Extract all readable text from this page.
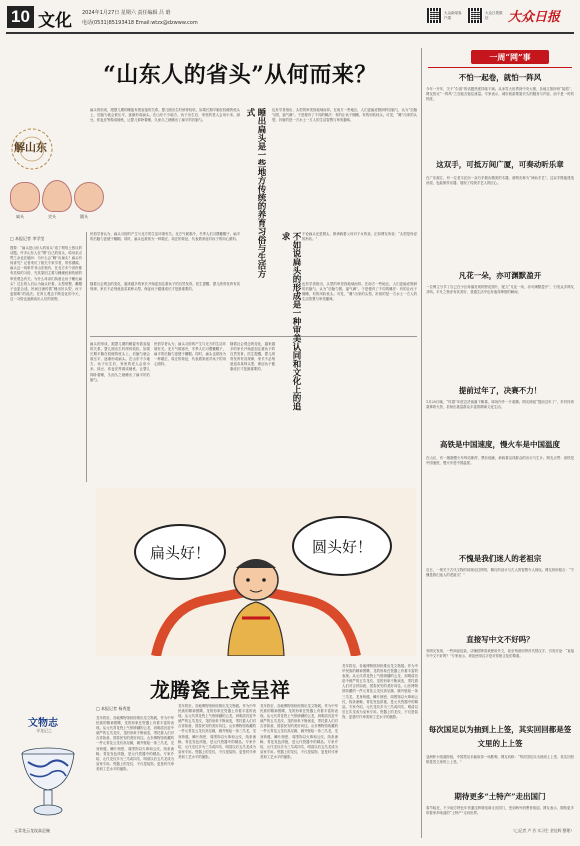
10 文化 2024年1月27日 星期六 责任编辑 吕 晗
电话(0531)85193418 Email:wtzx@dzwww.com
大众新闻客户端
大众日报微信	大众日报
“山东人的省头”从何而来？
一周“网”事
不怕一起卷，就怕一阵风
今年一开年，关于“尔滨”的话题热度持续不减。从冰雪大世界到中央大街，各地文旅纷纷“接招”，网友热议“一阵风”之后能否留住流量。专家表示，城市旅游要靠长久的服务与内容，而不是一时的热度。
这双手，可抵万间广厦，可奏动听乐章
在广东湛江，有一位老木匠用一双巧手做出精美的木器，被网友称为“神仙手艺”。这双手既能建造房屋，也能制作乐器，展现了传统手艺人的匠心。
凡花一朵，亦可渊默盈开
一位博主分享了自己在小区角落发现的野花照片，配文“凡花一朵，亦可渊默盈开”，引发众多网友共鸣。平凡之物亦有其美好，普通生活中也有值得珍惜的瞬间。
提前过年了，决赛不力！
1月20日晚，“村超”年度总决赛落下帷幕，球场内外一片欢腾。网友调侃“提前过年了”，乡村体育赛事的火热，折射出基层群众丰富的精神文化生活。
高铁是中国速度，慢火车是中国温度
在山区，有一趟趟慢火车每站都停，票价低廉，承载着沿线群众的出行与生计。网友点赞：高铁是中国速度，慢火车是中国温度。
不愧是我们迷人的老祖宗
近日，一则关于古代文物的视频走红网络，精巧的设计与古人的智慧令人惊叹。网友纷纷留言：“不愧是我们迷人的老祖宗！”
直接写中文不好吗？
有网友发现，一些商品包装、店铺招牌喜欢使用外文，甚至刻意用拼音代替汉字，引发讨论：“直接写中文不好吗？”专家表示，规范使用汉字是对传统文化的尊重。
每次国足以为抽到上上签，其实回回都是签文里的上上签
亚洲杯小组赛阶段，中国男足未能取得一场胜利。网友戏称：“每次国足以为抽到上上签，其实回回都是签文里的上上签。”
期待更多“土特产”走出国门
春节临近，不少地方特色年货通过跨境电商走出国门，受到海外消费者欢迎。网友表示，期待更多带着家乡味道的“土特产”走向世界。
（□记者 卢 芳 实习生 金佳辉 整理）
解山东
扁头	尖头	圆头
□ 本报记者 李学莹
提要：“扁头是山东人的省头”成了网络上热议的话题。许多山东人在“晒”自己的省头，给母亲点赞之余也在疑问：为什么会“睡”出扁头？扁头有何讲究？记者采访了相关专家学者，带你溯源。扁头这一现象并非山东独有，在北方多个省份都有类似的习俗，究其原因主要与睡硬枕和传统的审美观念有关。为什么母亲们执意让孩子睡出扁头？过去的人们认为扁头好看，头型规整，戴帽子也更合适。民间还流传着“睡出好头型，孩子更聪明”的说法。在育儿观念不断变化的今天，这一习俗也逐渐淡出人们的视野。
扁头的形成，跟婴儿期的睡姿有着直接的关系。婴儿刚出生时颅骨较软，如果长期平躺在较硬的枕头上，后脑勺就会被压平，逐渐形成扁头。在山东不少地方，孩子出生后，家里的老人会用小米、绿豆、荞麦皮等做成硬枕，让婴儿仰卧着睡，久而久之就睡出了扁平的后脑勺。
民俗学者认为，扁头习俗的产生与北方的生活环境有关。北方气候寒冷，冬季人们习惯戴帽子，扁平的后脑勺更便于戴帽。同时，扁头也被视为一种端正、周正的象征，代表着家庭对孩子的用心照料。	睡出扁头是一些地方传统的养育习俗与生活方式
随着社会观念的变化，越来越多的家长开始更加注重孩子的自然发育。医生提醒，婴儿颅骨发育有其规律，家长不必刻意追求某种头型，保证孩子健康成长才是最重要的。
也有学者指出，头型的审美因地域而异。在南方一些地区，人们更偏爱圆润的后脑勺，认为“后脑勺圆，福气满”。于是便有了不同的睡法：有的让孩子侧睡，有的用软枕头。可见，“睡”出来的头型，折射的是一方水土一方人的生活智慧与审美趣味。
扁头的形成，跟婴儿期的睡姿有着直接的关系。婴儿刚出生时颅骨较软，如果长期平躺在较硬的枕头上，后脑勺就会被压平，逐渐形成扁头。在山东不少地方，孩子出生后，家里的老人会用小米、绿豆、荞麦皮等做成硬枕，让婴儿仰卧着睡，久而久之就睡出了扁平的后脑勺。
民俗学者认为，扁头习俗的产生与北方的生活环境有关。北方气候寒冷，冬季人们习惯戴帽子，扁平的后脑勺更便于戴帽。同时，扁头也被视为一种端正、周正的象征，代表着家庭对孩子的用心照料。
随着社会观念的变化，越来越多的家长开始更加注重孩子的自然发育。医生提醒，婴儿颅骨发育有其规律，家长不必刻意追求某种头型，保证孩子健康成长才是最重要的。	不如说扁头的形成是一种审美认同和文化上的追求
也有学者指出，头型的审美因地域而异。在南方一些地区，人们更偏爱圆润的后脑勺，认为“后脑勺圆，福气满”。于是便有了不同的睡法：有的让孩子侧睡，有的用软枕头。可见，“睡”出来的头型，折射的是一方水土一方人的生活智慧与审美趣味。
不论扁头还是圆头，都承载着父母对子女的爱。正如网友所说：“头型是母爱的形状。”
扁头好！	圆头好！
龙腾瓷上竞呈祥
文物志
寻龙记之
元青花云龙纹高足碗
□ 本报记者 杨秀莲
龙年将至，各地博物馆纷纷推出龙文物展。作为中华民族的精神图腾，龙的形象在瓷器上有着丰富的表现。从元代青花瓷上气势磅礴的云龙，到明清官窑中威严的五爪龙纹，龙的形象不断演变，寄托着人们对吉祥如意、国泰民安的美好向往。山东博物馆收藏的一件元青花云龙纹高足碗，碗外壁绘一条三爪龙，龙身矫健，鳞片细密，周围饰以火珠和云纹，线条流畅，青花发色浓艳，是元代瓷器中的精品。专家介绍，元代龙纹多为三爪或四爪，明清以后五爪龙成为皇家专用。瓷器上的龙纹，不仅是装饰，更是时代审美和工艺水平的缩影。
龙年将至，各地博物馆纷纷推出龙文物展。作为中华民族的精神图腾，龙的形象在瓷器上有着丰富的表现。从元代青花瓷上气势磅礴的云龙，到明清官窑中威严的五爪龙纹，龙的形象不断演变，寄托着人们对吉祥如意、国泰民安的美好向往。山东博物馆收藏的一件元青花云龙纹高足碗，碗外壁绘一条三爪龙，龙身矫健，鳞片细密，周围饰以火珠和云纹，线条流畅，青花发色浓艳，是元代瓷器中的精品。专家介绍，元代龙纹多为三爪或四爪，明清以后五爪龙成为皇家专用。瓷器上的龙纹，不仅是装饰，更是时代审美和工艺水平的缩影。
龙年将至，各地博物馆纷纷推出龙文物展。作为中华民族的精神图腾，龙的形象在瓷器上有着丰富的表现。从元代青花瓷上气势磅礴的云龙，到明清官窑中威严的五爪龙纹，龙的形象不断演变，寄托着人们对吉祥如意、国泰民安的美好向往。山东博物馆收藏的一件元青花云龙纹高足碗，碗外壁绘一条三爪龙，龙身矫健，鳞片细密，周围饰以火珠和云纹，线条流畅，青花发色浓艳，是元代瓷器中的精品。专家介绍，元代龙纹多为三爪或四爪，明清以后五爪龙成为皇家专用。瓷器上的龙纹，不仅是装饰，更是时代审美和工艺水平的缩影。
龙年将至，各地博物馆纷纷推出龙文物展。作为中华民族的精神图腾，龙的形象在瓷器上有着丰富的表现。从元代青花瓷上气势磅礴的云龙，到明清官窑中威严的五爪龙纹，龙的形象不断演变，寄托着人们对吉祥如意、国泰民安的美好向往。山东博物馆收藏的一件元青花云龙纹高足碗，碗外壁绘一条三爪龙，龙身矫健，鳞片细密，周围饰以火珠和云纹，线条流畅，青花发色浓艳，是元代瓷器中的精品。专家介绍，元代龙纹多为三爪或四爪，明清以后五爪龙成为皇家专用。瓷器上的龙纹，不仅是装饰，更是时代审美和工艺水平的缩影。
